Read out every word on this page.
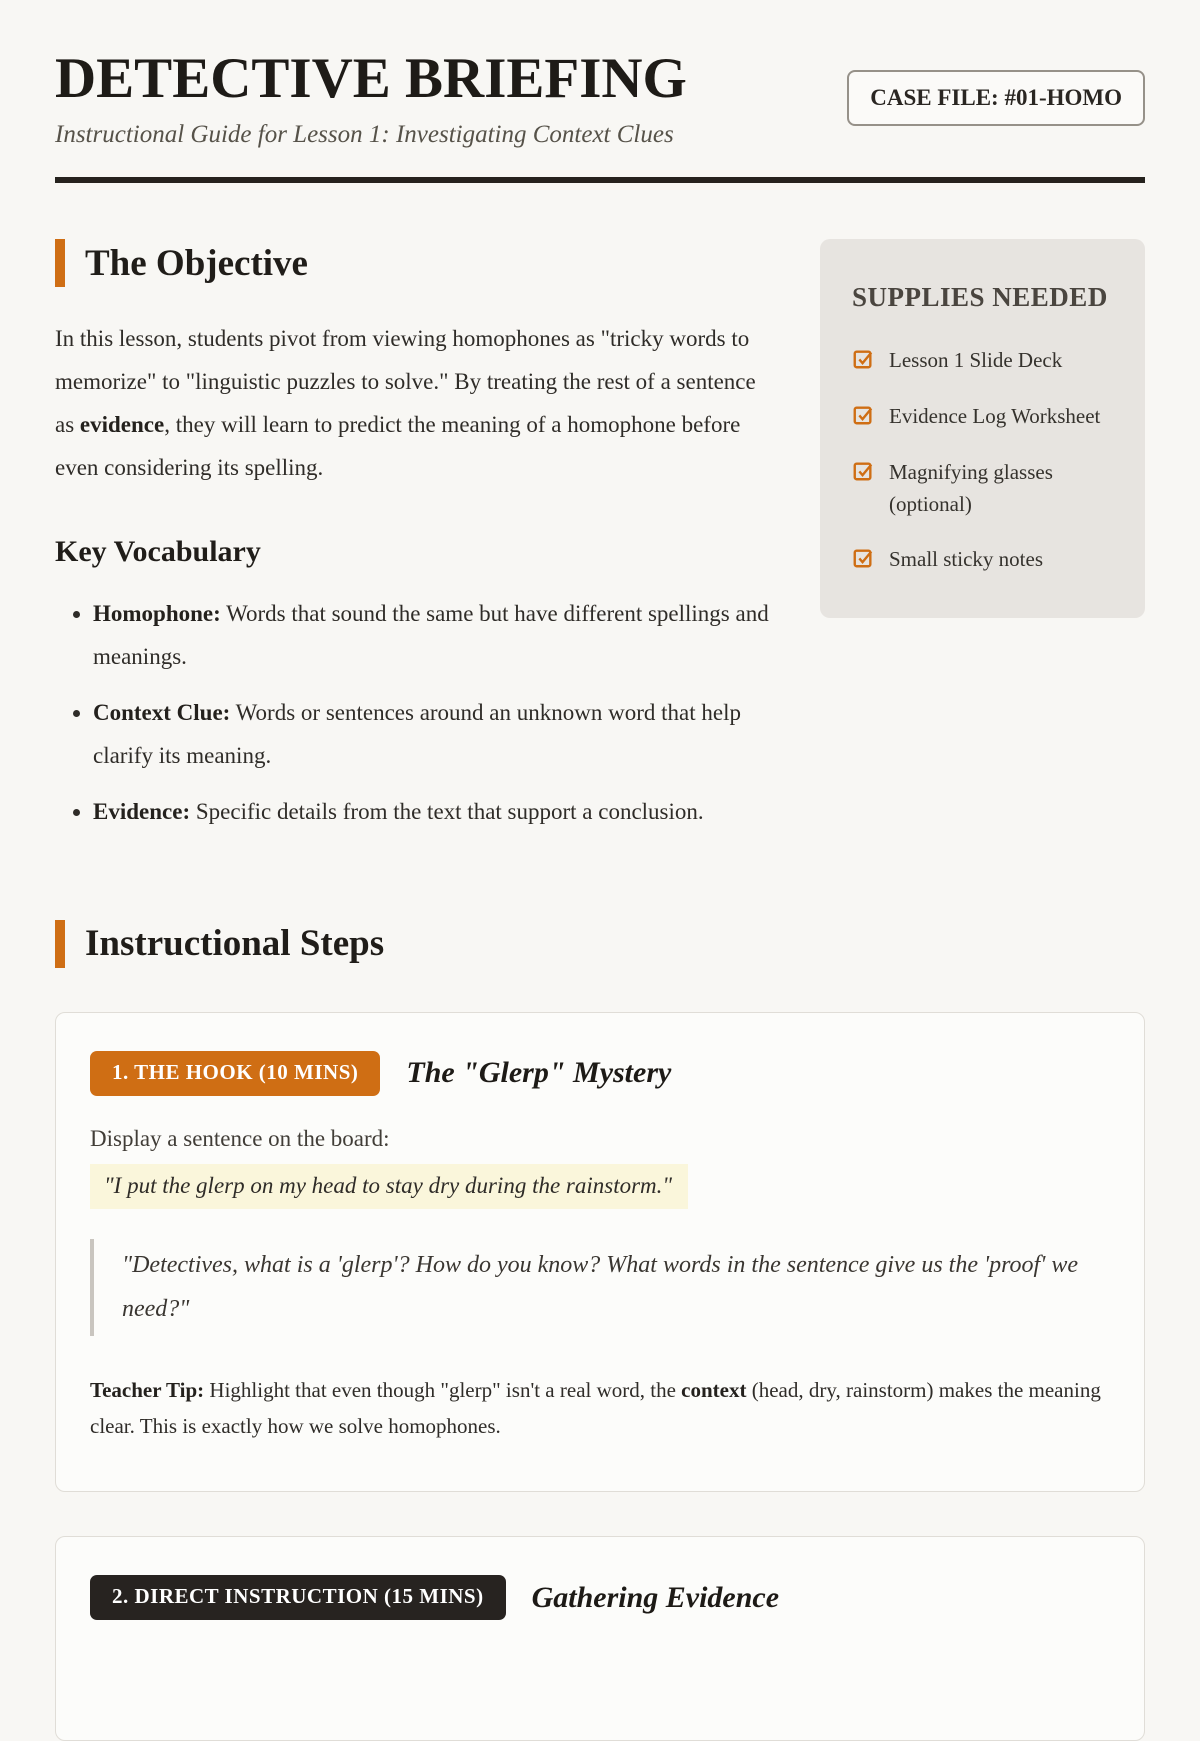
DETECTIVE BRIEFING

Instructional Guide for Lesson 1: Investigating Context Clues

CASE FILE: #01-HOMO
The Objective

In this lesson, students pivot from viewing homophones as "tricky words to memorize" to "linguistic puzzles to solve." By treating the rest of a sentence as evidence, they will learn to predict the meaning of a homophone before even considering its spelling.

Key Vocabulary
• Homophone: Words that sound the same but have different spellings and meanings.
• Context Clue: Words or sentences around an unknown word that help clarify its meaning.
• Evidence: Specific details from the text that support a conclusion.
SUPPLIES NEEDED
Lesson 1 Slide Deck
Evidence Log Worksheet
Magnifying glasses (optional)
Small sticky notes
Instructional Steps
1. THE HOOK (10 MINS)	The "Glerp" Mystery

Display a sentence on the board:

"I put the glerp on my head to stay dry during the rainstorm."

"Detectives, what is a 'glerp'? How do you know? What words in the sentence give us the 'proof' we need?"

Teacher Tip: Highlight that even though "glerp" isn't a real word, the context (head, dry, rainstorm) makes the meaning clear. This is exactly how we solve homophones.

2. DIRECT INSTRUCTION (15 MINS)	Gathering Evidence
